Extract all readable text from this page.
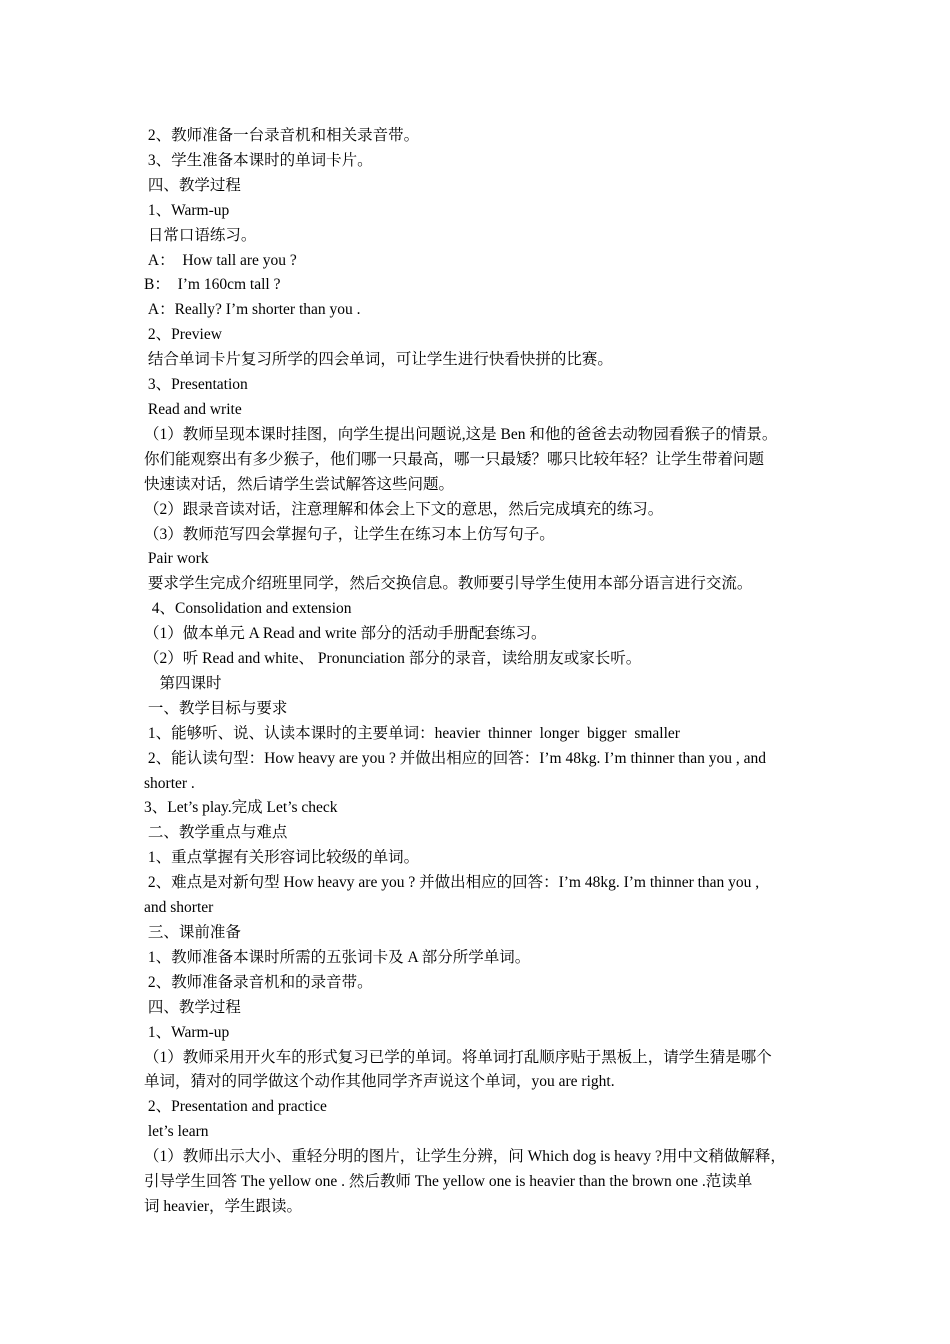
2、教师准备一台录音机和相关录音带。
3、学生准备本课时的单词卡片。
四、教学过程
1、Warm-up
日常口语练习。
A：  How tall are you ?
B：  I’m 160cm tall ?
A：Really? I’m shorter than you .
2、Preview
结合单词卡片复习所学的四会单词，可让学生进行快看快拼的比赛。
3、Presentation
Read and write
（1）教师呈现本课时挂图，向学生提出问题说,这是 Ben 和他的爸爸去动物园看猴子的情景。
你们能观察出有多少猴子，他们哪一只最高，哪一只最矮？哪只比较年轻？让学生带着问题
快速读对话，然后请学生尝试解答这些问题。
（2）跟录音读对话，注意理解和体会上下文的意思，然后完成填充的练习。
（3）教师范写四会掌握句子，让学生在练习本上仿写句子。
Pair work
要求学生完成介绍班里同学，然后交换信息。教师要引导学生使用本部分语言进行交流。
4、Consolidation and extension
（1）做本单元 A Read and write 部分的活动手册配套练习。
（2）听 Read and white、 Pronunciation 部分的录音，读给朋友或家长听。
第四课时
一、教学目标与要求
1、能够听、说、认读本课时的主要单词：heavier  thinner  longer  bigger  smaller
2、能认读句型：How heavy are you ? 并做出相应的回答：I’m 48kg. I’m thinner than you , and
shorter .
3、Let’s play.完成 Let’s check
二、教学重点与难点
1、重点掌握有关形容词比较级的单词。
2、难点是对新句型 How heavy are you ? 并做出相应的回答：I’m 48kg. I’m thinner than you ,
and shorter
三、课前准备
1、教师准备本课时所需的五张词卡及 A 部分所学单词。
2、教师准备录音机和的录音带。
四、教学过程
1、Warm-up
（1）教师采用开火车的形式复习已学的单词。将单词打乱顺序贴于黑板上，请学生猜是哪个
单词，猜对的同学做这个动作其他同学齐声说这个单词，you are right.
2、Presentation and practice
let’s learn
（1）教师出示大小、重轻分明的图片，让学生分辨，问 Which dog is heavy ?用中文稍做解释，
引导学生回答 The yellow one . 然后教师 The yellow one is heavier than the brown one .范读单
词 heavier，学生跟读。
